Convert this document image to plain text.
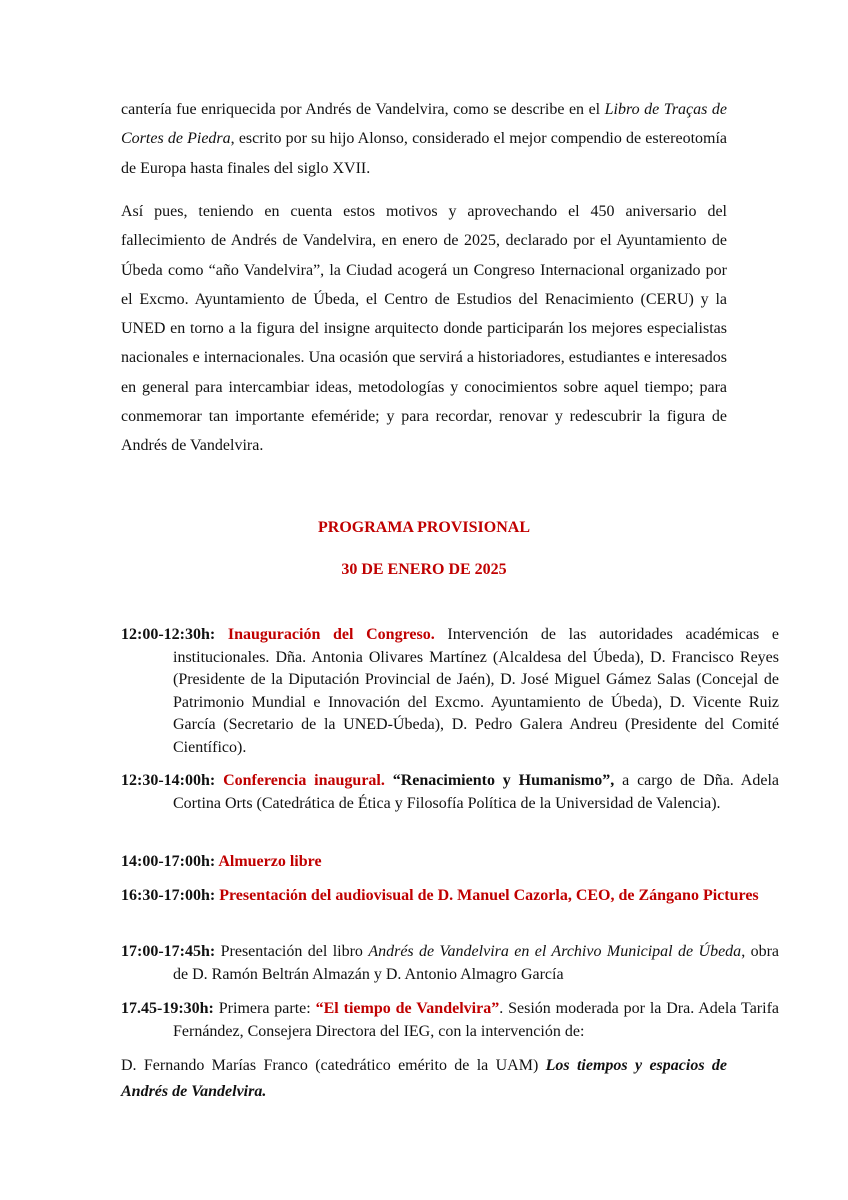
cantería fue enriquecida por Andrés de Vandelvira, como se describe en el Libro de Traças de Cortes de Piedra, escrito por su hijo Alonso, considerado el mejor compendio de estereotomía de Europa hasta finales del siglo XVII.

Así pues, teniendo en cuenta estos motivos y aprovechando el 450 aniversario del fallecimiento de Andrés de Vandelvira, en enero de 2025, declarado por el Ayuntamiento de Úbeda como “año Vandelvira”, la Ciudad acogerá un Congreso Internacional organizado por el Excmo. Ayuntamiento de Úbeda, el Centro de Estudios del Renacimiento (CERU) y la UNED en torno a la figura del insigne arquitecto donde participarán los mejores especialistas nacionales e internacionales. Una ocasión que servirá a historiadores, estudiantes e interesados en general para intercambiar ideas, metodologías y conocimientos sobre aquel tiempo; para conmemorar tan importante efeméride; y para recordar, renovar y redescubrir la figura de Andrés de Vandelvira.

PROGRAMA PROVISIONAL

30 DE ENERO DE 2025

12:00-12:30h: Inauguración del Congreso. Intervención de las autoridades académicas e institucionales. Dña. Antonia Olivares Martínez (Alcaldesa del Úbeda), D. Francisco Reyes (Presidente de la Diputación Provincial de Jaén), D. José Miguel Gámez Salas (Concejal de Patrimonio Mundial e Innovación del Excmo. Ayuntamiento de Úbeda), D. Vicente Ruiz García (Secretario de la UNED-Úbeda), D. Pedro Galera Andreu (Presidente del Comité Científico).

12:30-14:00h: Conferencia inaugural. “Renacimiento y Humanismo”, a cargo de Dña. Adela Cortina Orts (Catedrática de Ética y Filosofía Política de la Universidad de Valencia).

14:00-17:00h: Almuerzo libre

16:30-17:00h: Presentación del audiovisual de D. Manuel Cazorla, CEO, de Zángano Pictures

17:00-17:45h: Presentación del libro Andrés de Vandelvira en el Archivo Municipal de Úbeda, obra de D. Ramón Beltrán Almazán y D. Antonio Almagro García

17.45-19:30h: Primera parte: “El tiempo de Vandelvira”. Sesión moderada por la Dra. Adela Tarifa Fernández, Consejera Directora del IEG, con la intervención de:

D. Fernando Marías Franco (catedrático emérito de la UAM) Los tiempos y espacios de Andrés de Vandelvira.
